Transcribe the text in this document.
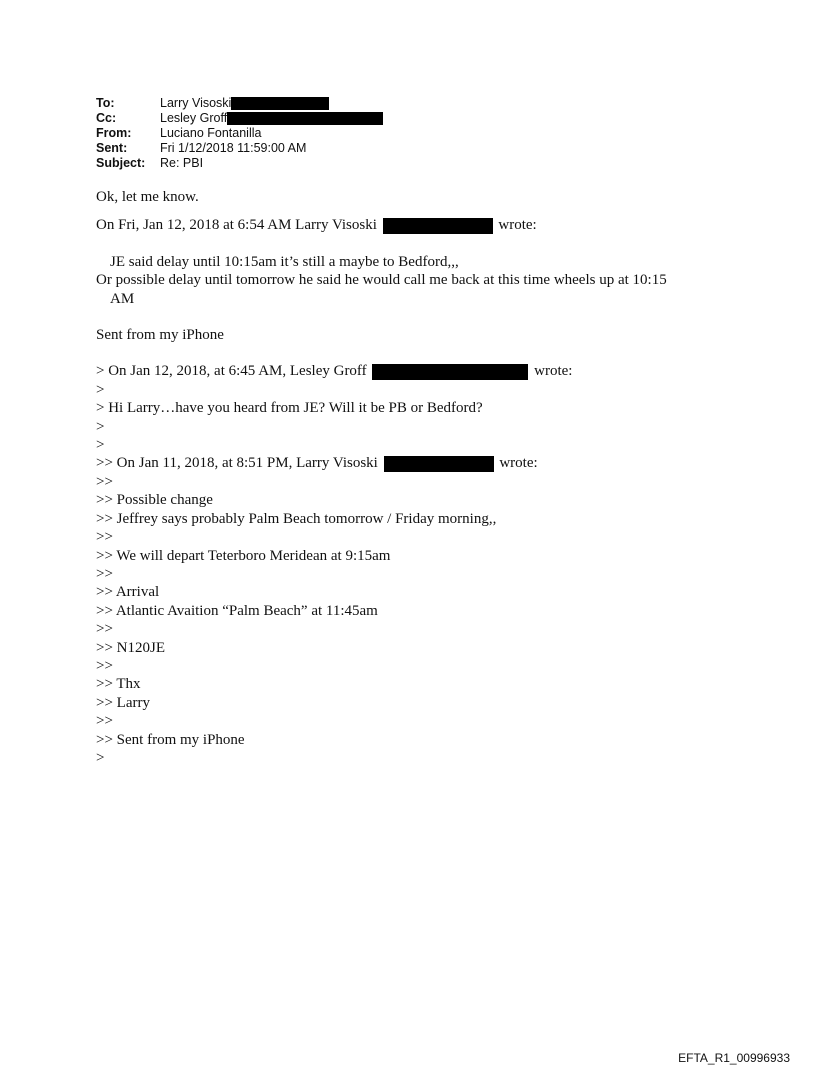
To:	Larry Visoski
Cc:	Lesley Groff
From:	Luciano Fontanilla
Sent:	Fri 1/12/2018 11:59:00 AM
Subject:	Re: PBI
Ok, let me know.
On Fri, Jan 12, 2018 at 6:54 AM Larry Visoski	wrote:
JE said delay until 10:15am it’s still a maybe to Bedford,,,
Or possible delay until tomorrow he said he would call me back at this time wheels up at 10:15
AM
Sent from my iPhone
> On Jan 12, 2018, at 6:45 AM, Lesley Groff	wrote:
>
> Hi Larry…have you heard from JE? Will it be PB or Bedford?
>
>
>> On Jan 11, 2018, at 8:51 PM, Larry Visoski	wrote:
>>
>> Possible change
>> Jeffrey says probably Palm Beach tomorrow / Friday morning,,
>>
>> We will depart Teterboro Meridean at 9:15am
>>
>> Arrival
>> Atlantic Avaition “Palm Beach” at 11:45am
>>
>> N120JE
>>
>> Thx
>> Larry
>>
>> Sent from my iPhone
>
EFTA_R1_00996933
